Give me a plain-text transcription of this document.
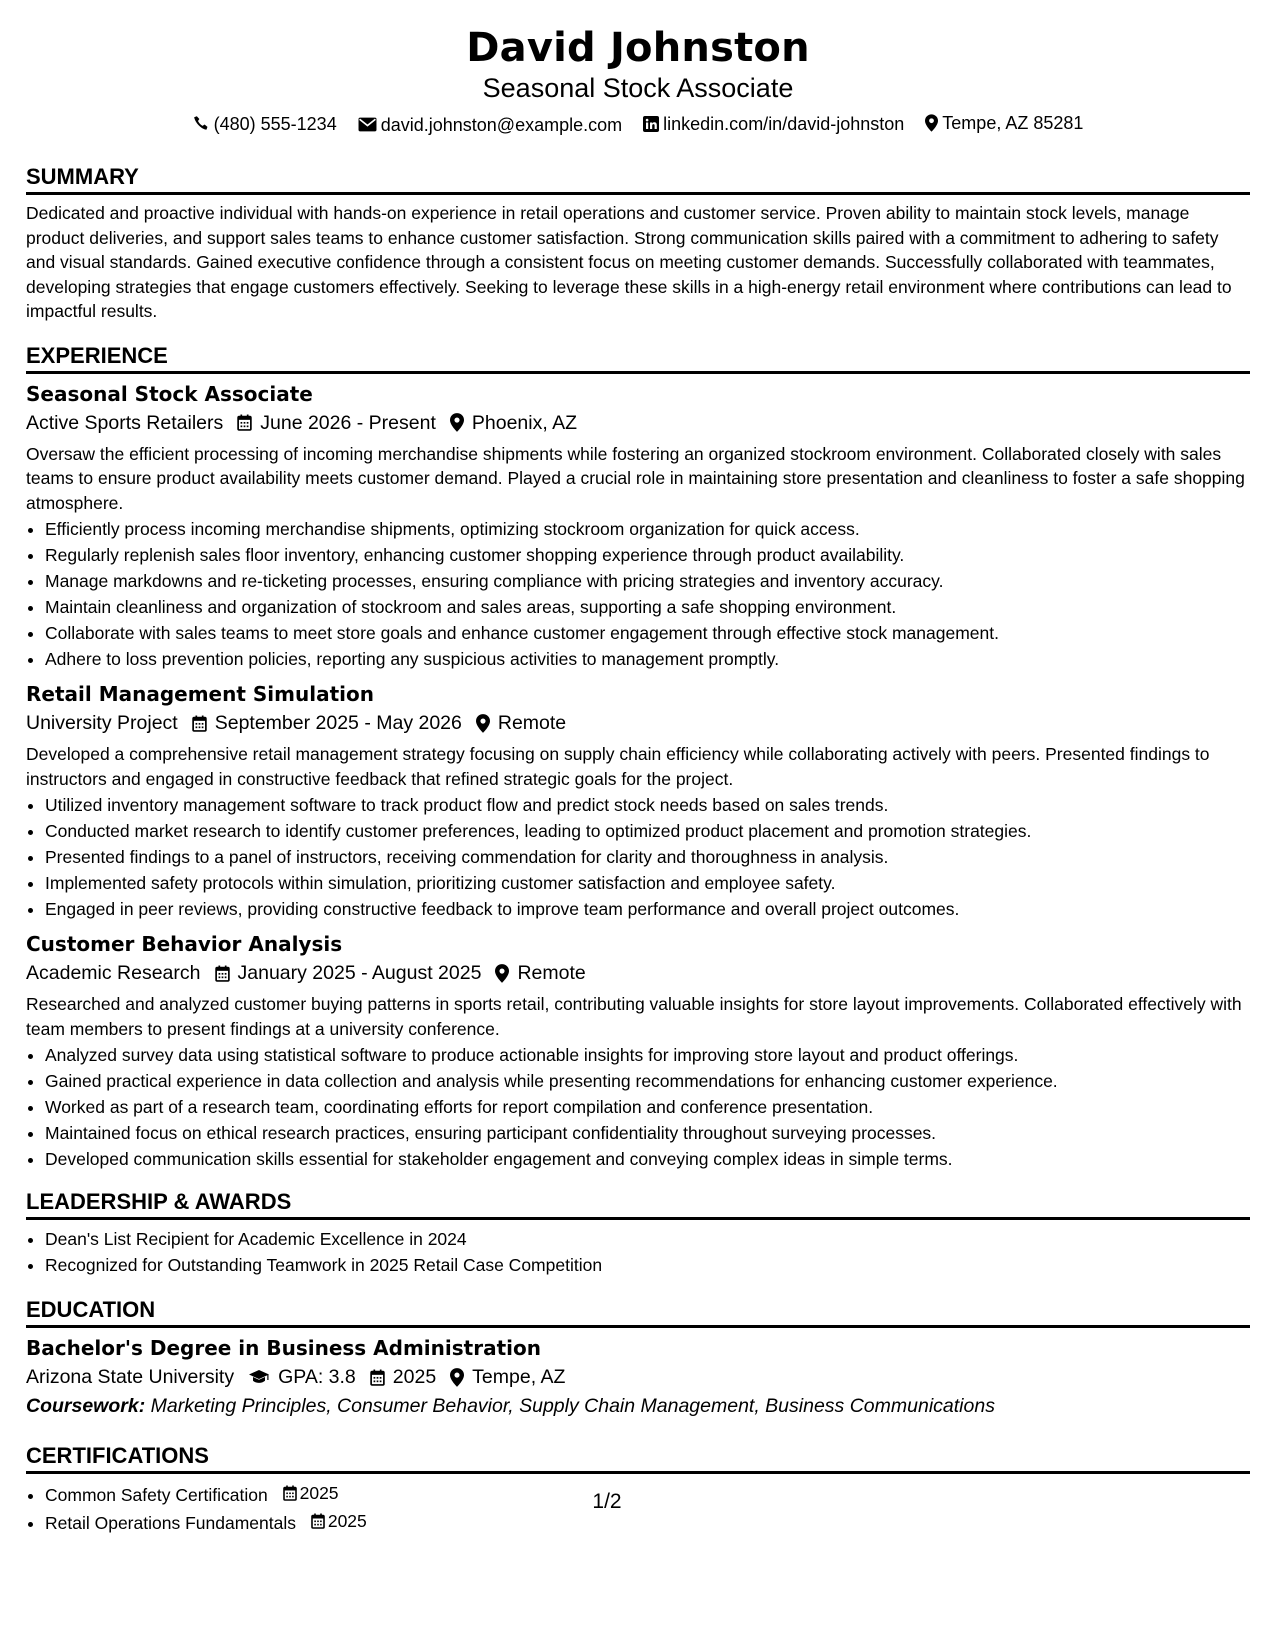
David Johnston
Seasonal Stock Associate
(480) 555-1234
david.johnston@example.com
linkedin.com/in/david-johnston
Tempe, AZ 85281
SUMMARY
Dedicated and proactive individual with hands-on experience in retail operations and customer service. Proven ability to maintain stock levels, manage product deliveries, and support sales teams to enhance customer satisfaction. Strong communication skills paired with a commitment to adhering to safety and visual standards. Gained executive confidence through a consistent focus on meeting customer demands. Successfully collaborated with teammates, developing strategies that engage customers effectively. Seeking to leverage these skills in a high-energy retail environment where contributions can lead to impactful results.
EXPERIENCE
Seasonal Stock Associate
Active Sports Retailers June 2026 - Present Phoenix, AZ
Oversaw the efficient processing of incoming merchandise shipments while fostering an organized stockroom environment. Collaborated closely with sales teams to ensure product availability meets customer demand. Played a crucial role in maintaining store presentation and cleanliness to foster a safe shopping atmosphere.
• Efficiently process incoming merchandise shipments, optimizing stockroom organization for quick access.
• Regularly replenish sales floor inventory, enhancing customer shopping experience through product availability.
• Manage markdowns and re-ticketing processes, ensuring compliance with pricing strategies and inventory accuracy.
• Maintain cleanliness and organization of stockroom and sales areas, supporting a safe shopping environment.
• Collaborate with sales teams to meet store goals and enhance customer engagement through effective stock management.
• Adhere to loss prevention policies, reporting any suspicious activities to management promptly.
Retail Management Simulation
University Project September 2025 - May 2026 Remote
Developed a comprehensive retail management strategy focusing on supply chain efficiency while collaborating actively with peers. Presented findings to instructors and engaged in constructive feedback that refined strategic goals for the project.
• Utilized inventory management software to track product flow and predict stock needs based on sales trends.
• Conducted market research to identify customer preferences, leading to optimized product placement and promotion strategies.
• Presented findings to a panel of instructors, receiving commendation for clarity and thoroughness in analysis.
• Implemented safety protocols within simulation, prioritizing customer satisfaction and employee safety.
• Engaged in peer reviews, providing constructive feedback to improve team performance and overall project outcomes.
Customer Behavior Analysis
Academic Research January 2025 - August 2025 Remote
Researched and analyzed customer buying patterns in sports retail, contributing valuable insights for store layout improvements. Collaborated effectively with team members to present findings at a university conference.
• Analyzed survey data using statistical software to produce actionable insights for improving store layout and product offerings.
• Gained practical experience in data collection and analysis while presenting recommendations for enhancing customer experience.
• Worked as part of a research team, coordinating efforts for report compilation and conference presentation.
• Maintained focus on ethical research practices, ensuring participant confidentiality throughout surveying processes.
• Developed communication skills essential for stakeholder engagement and conveying complex ideas in simple terms.
LEADERSHIP & AWARDS
• Dean's List Recipient for Academic Excellence in 2024
• Recognized for Outstanding Teamwork in 2025 Retail Case Competition
EDUCATION
Bachelor's Degree in Business Administration
Arizona State University GPA: 3.8 2025 Tempe, AZ
Coursework: Marketing Principles, Consumer Behavior, Supply Chain Management, Business Communications
CERTIFICATIONS
• Common Safety Certification 2025
• Retail Operations Fundamentals 2025
1/2
